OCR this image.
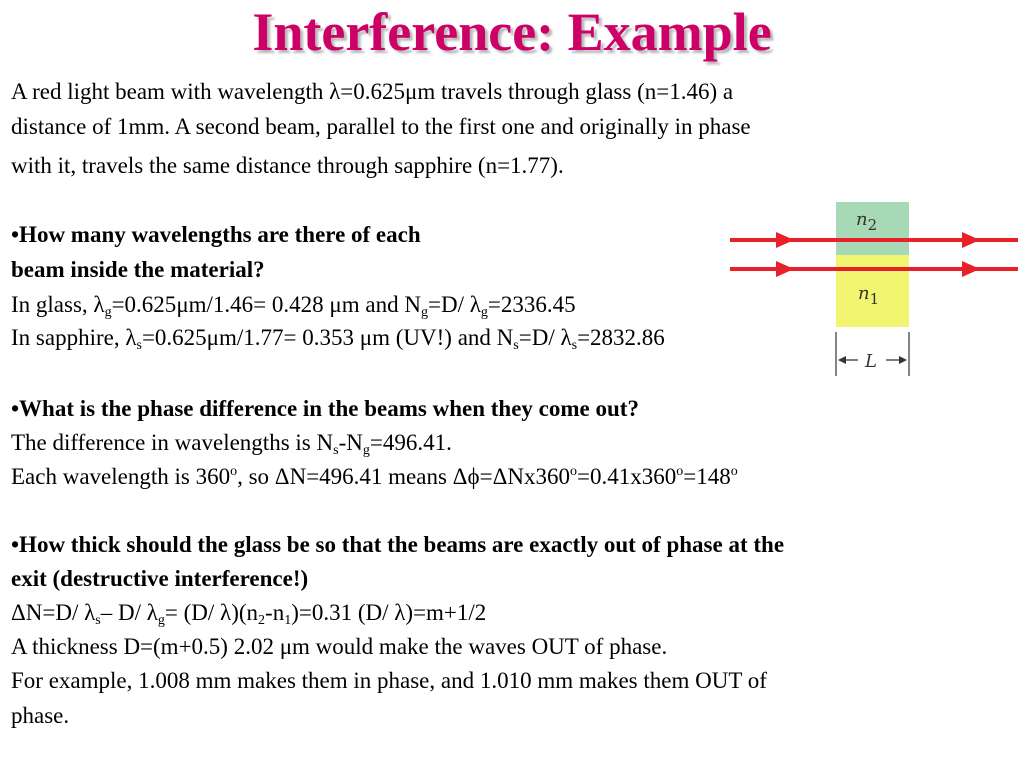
Interference: Example
A red light beam with wavelength λ=0.625μm travels through glass (n=1.46) a
distance of 1mm. A second beam, parallel to the first one and originally in phase
with it, travels the same distance through sapphire (n=1.77).
•How many wavelengths are there of each
beam inside the material?
In glass, $\lambda_g=0.625\mu m/1.46= 0.428$ μm and $N_g=D/$ $\lambda_g=2336.45$
In sapphire, $\lambda_s=0.625\mu m/1.77= 0.353$ μm (UV!) and $N_s=D/$ $\lambda_s=2832.86$
•What is the phase difference in the beams when they come out?
The difference in wavelengths is $N_s-N_g=496.41$.
Each wavelength is 360$^o$, so ΔN=496.41 means $\Delta\phi=\Delta Nx360^o=0.41x360^o=148^o$
•How thick should the glass be so that the beams are exactly out of phase at the
exit (destructive interference!)
ΔN=D/ $\lambda_s-$ D/ $\lambda_g= (D/$ $\lambda)(n_2-n_1)=0.31$ (D/ λ)=m+1/2
A thickness D=(m+0.5) 2.02 μm would make the waves OUT of phase.
For example, 1.008 mm makes them in phase, and 1.010 mm makes them OUT of
phase.
$n_2$
$n_1$
L
